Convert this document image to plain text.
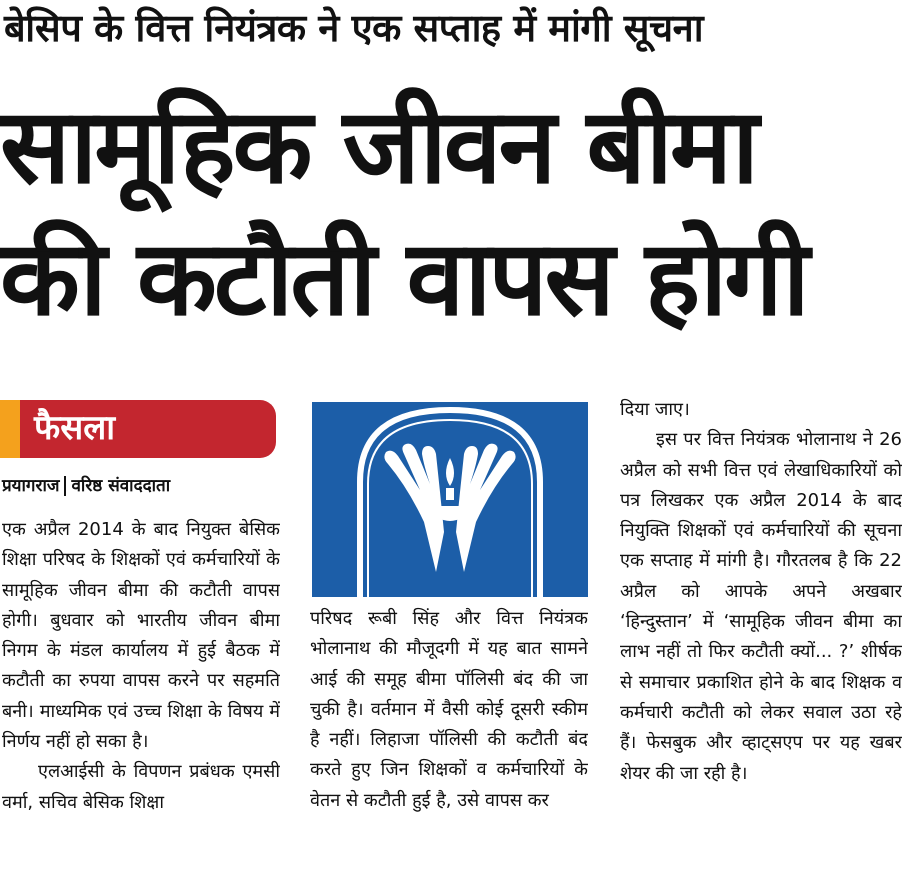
बेसिप के वित्त नियंत्रक ने एक सप्ताह में मांगी सूचना
सामूहिक जीवन बीमा
की कटौती वापस होगी
फैसला
प्रयागराज वरिष्ठ संवाददाता

एक अप्रैल 2014 के बाद नियुक्त बेसिक शिक्षा परिषद के शिक्षकों एवं कर्मचारियों के सामूहिक जीवन बीमा की कटौती वापस होगी। बुधवार को भारतीय जीवन बीमा निगम के मंडल कार्यालय में हुई बैठक में कटौती का रुपया वापस करने पर सहमति बनी। माध्यमिक एवं उच्च शिक्षा के विषय में निर्णय नहीं हो सका है।

एलआईसी के विपणन प्रबंधक एमसी वर्मा, सचिव बेसिक शिक्षा

परिषद रूबी सिंह और वित्त नियंत्रक भोलानाथ की मौजूदगी में यह बात सामने आई की समूह बीमा पॉलिसी बंद की जा चुकी है। वर्तमान में वैसी कोई दूसरी स्कीम है नहीं। लिहाजा पॉलिसी की कटौती बंद करते हुए जिन शिक्षकों व कर्मचारियों के वेतन से कटौती हुई है, उसे वापस कर

दिया जाए।

इस पर वित्त नियंत्रक भोलानाथ ने 26 अप्रैल को सभी वित्त एवं लेखाधिकारियों को पत्र लिखकर एक अप्रैल 2014 के बाद नियुक्ति शिक्षकों एवं कर्मचारियों की सूचना एक सप्ताह में मांगी है। गौरतलब है कि 22 अप्रैल को आपके अपने अखबार ‘हिन्दुस्तान’ में ‘सामूहिक जीवन बीमा का लाभ नहीं तो फिर कटौती क्यों... ?’ शीर्षक से समाचार प्रकाशित होने के बाद शिक्षक व कर्मचारी कटौती को लेकर सवाल उठा रहे हैं। फेसबुक और व्हाट्सएप पर यह खबर शेयर की जा रही है।
